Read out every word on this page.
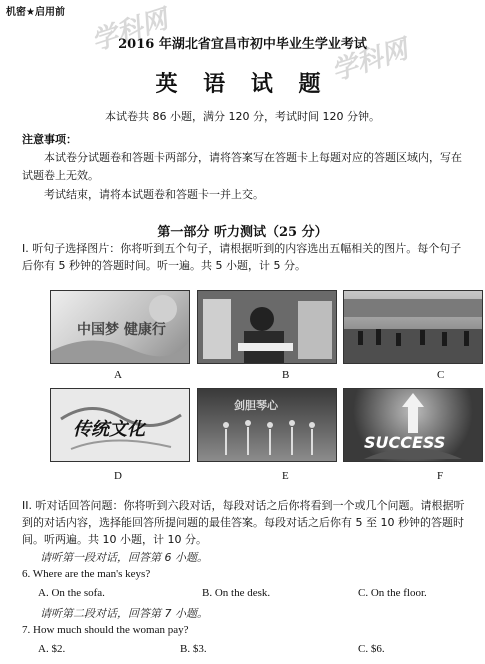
学科网
学科网
机密★启用前
2016 年湖北省宜昌市初中毕业生学业考试
英 语 试 题
本试卷共 86 小题，满分 120 分，考试时间 120 分钟。
注意事项：
本试卷分试题卷和答题卡两部分，请将答案写在答题卡上每题对应的答题区域内，写在试题卷上无效。
考试结束，请将本试题卷和答题卡一并上交。
第一部分 听力测试（25 分）
Ⅰ. 听句子选择图片：你将听到五个句子，请根据听到的内容选出五幅相关的图片。每个句子后你有 5 秒钟的答题时间。听一遍。共 5 小题，计 5 分。
中国梦 健康行
A	B	C
传统文化
D
剑胆琴心
E
SUCCESS
F
II. 听对话回答问题：你将听到六段对话，每段对话之后你将看到一个或几个问题。请根据听到的对话内容，选择能回答所提问题的最佳答案。每段对话之后你有 5 至 10 秒钟的答题时间。听两遍。共 10 小题，计 10 分。
请听第一段对话，回答第 6 小题。
6. Where are the man's keys?
A. On the sofa.	B. On the desk.	C. On the floor.
请听第二段对话，回答第 7 小题。
7. How much should the woman pay?
A. $2.	B. $3.	C. $6.
